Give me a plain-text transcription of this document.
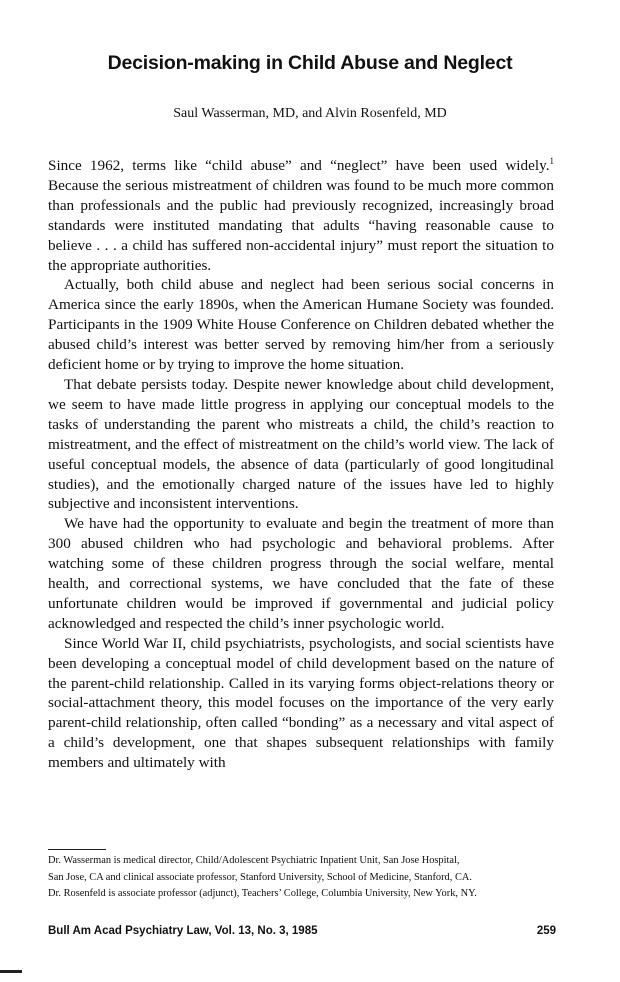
Decision-making in Child Abuse and Neglect
Saul Wasserman, MD, and Alvin Rosenfeld, MD

Since 1962, terms like “child abuse” and “neglect” have been used widely.$^1$ Because the serious mistreatment of children was found to be much more common than professionals and the public had previously recognized, increasingly broad standards were instituted mandating that adults “having reasonable cause to believe . . . a child has suffered non-accidental injury” must report the situation to the appropriate authorities.

Actually, both child abuse and neglect had been serious social concerns in America since the early 1890s, when the American Humane Society was founded. Participants in the 1909 White House Conference on Children debated whether the abused child’s interest was better served by removing him/her from a seriously deficient home or by trying to improve the home situation.

That debate persists today. Despite newer knowledge about child development, we seem to have made little progress in applying our conceptual models to the tasks of understanding the parent who mistreats a child, the child’s reaction to mistreatment, and the effect of mistreatment on the child’s world view. The lack of useful conceptual models, the absence of data (particularly of good longitudinal studies), and the emotionally charged nature of the issues have led to highly subjective and inconsistent interventions.

We have had the opportunity to evaluate and begin the treatment of more than 300 abused children who had psychologic and behavioral problems. After watching some of these children progress through the social welfare, mental health, and correctional systems, we have concluded that the fate of these unfortunate children would be improved if governmental and judicial policy acknowledged and respected the child’s inner psychologic world.

Since World War II, child psychiatrists, psychologists, and social scientists have been developing a conceptual model of child development based on the nature of the parent-child relationship. Called in its varying forms object-relations theory or social-attachment theory, this model focuses on the importance of the very early parent-child relationship, often called “bonding” as a necessary and vital aspect of a child’s development, one that shapes subsequent relationships with family members and ultimately with

Dr. Wasserman is medical director, Child/Adolescent Psychiatric Inpatient Unit, San Jose Hospital,
San Jose, CA and clinical associate professor, Stanford University, School of Medicine, Stanford, CA.
Dr. Rosenfeld is associate professor (adjunct), Teachers’ College, Columbia University, New York, NY.
Bull Am Acad Psychiatry Law, Vol. 13, No. 3, 1985	259
